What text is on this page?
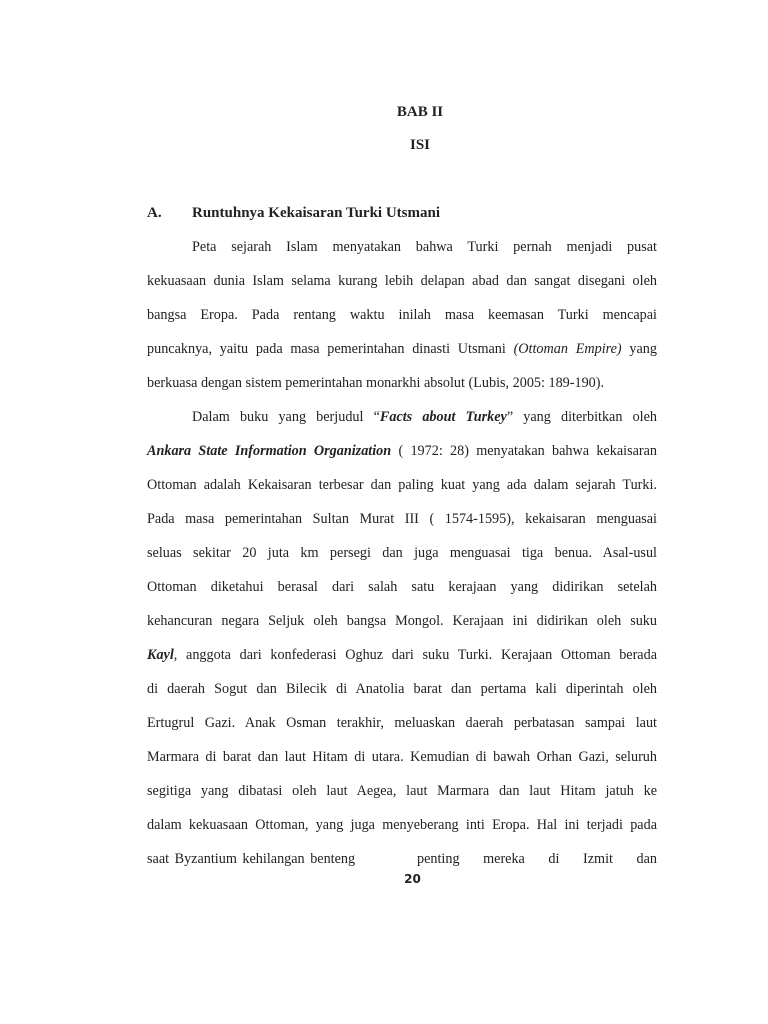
BAB II
ISI
A. Runtuhnya Kekaisaran Turki Utsmani
Peta sejarah Islam menyatakan bahwa Turki pernah menjadi pusat
kekuasaan dunia Islam selama kurang lebih delapan abad dan sangat disegani oleh
bangsa Eropa. Pada rentang waktu inilah masa keemasan Turki mencapai
puncaknya, yaitu pada masa pemerintahan dinasti Utsmani (Ottoman Empire) yang
berkuasa dengan sistem pemerintahan monarkhi absolut (Lubis, 2005: 189-190).
Dalam buku yang berjudul “Facts about Turkey” yang diterbitkan oleh
Ankara State Information Organization ( 1972: 28) menyatakan bahwa kekaisaran
Ottoman adalah Kekaisaran terbesar dan paling kuat yang ada dalam sejarah Turki.
Pada masa pemerintahan Sultan Murat III ( 1574-1595), kekaisaran menguasai
seluas sekitar 20 juta km persegi dan juga menguasai tiga benua. Asal-usul
Ottoman diketahui berasal dari salah satu kerajaan yang didirikan setelah
kehancuran negara Seljuk oleh bangsa Mongol. Kerajaan ini didirikan oleh suku
Kayl, anggota dari konfederasi Oghuz dari suku Turki. Kerajaan Ottoman berada
di daerah Sogut dan Bilecik di Anatolia barat dan pertama kali diperintah oleh
Ertugrul Gazi. Anak Osman terakhir, meluaskan daerah perbatasan sampai laut
Marmara di barat dan laut Hitam di utara. Kemudian di bawah Orhan Gazi, seluruh
segitiga yang dibatasi oleh laut Aegea, laut Marmara dan laut Hitam jatuh ke
dalam kekuasaan Ottoman, yang juga menyeberang inti Eropa. Hal ini terjadi pada
saat Byzantium kehilangan benteng	penting mereka di Izmit dan
20
